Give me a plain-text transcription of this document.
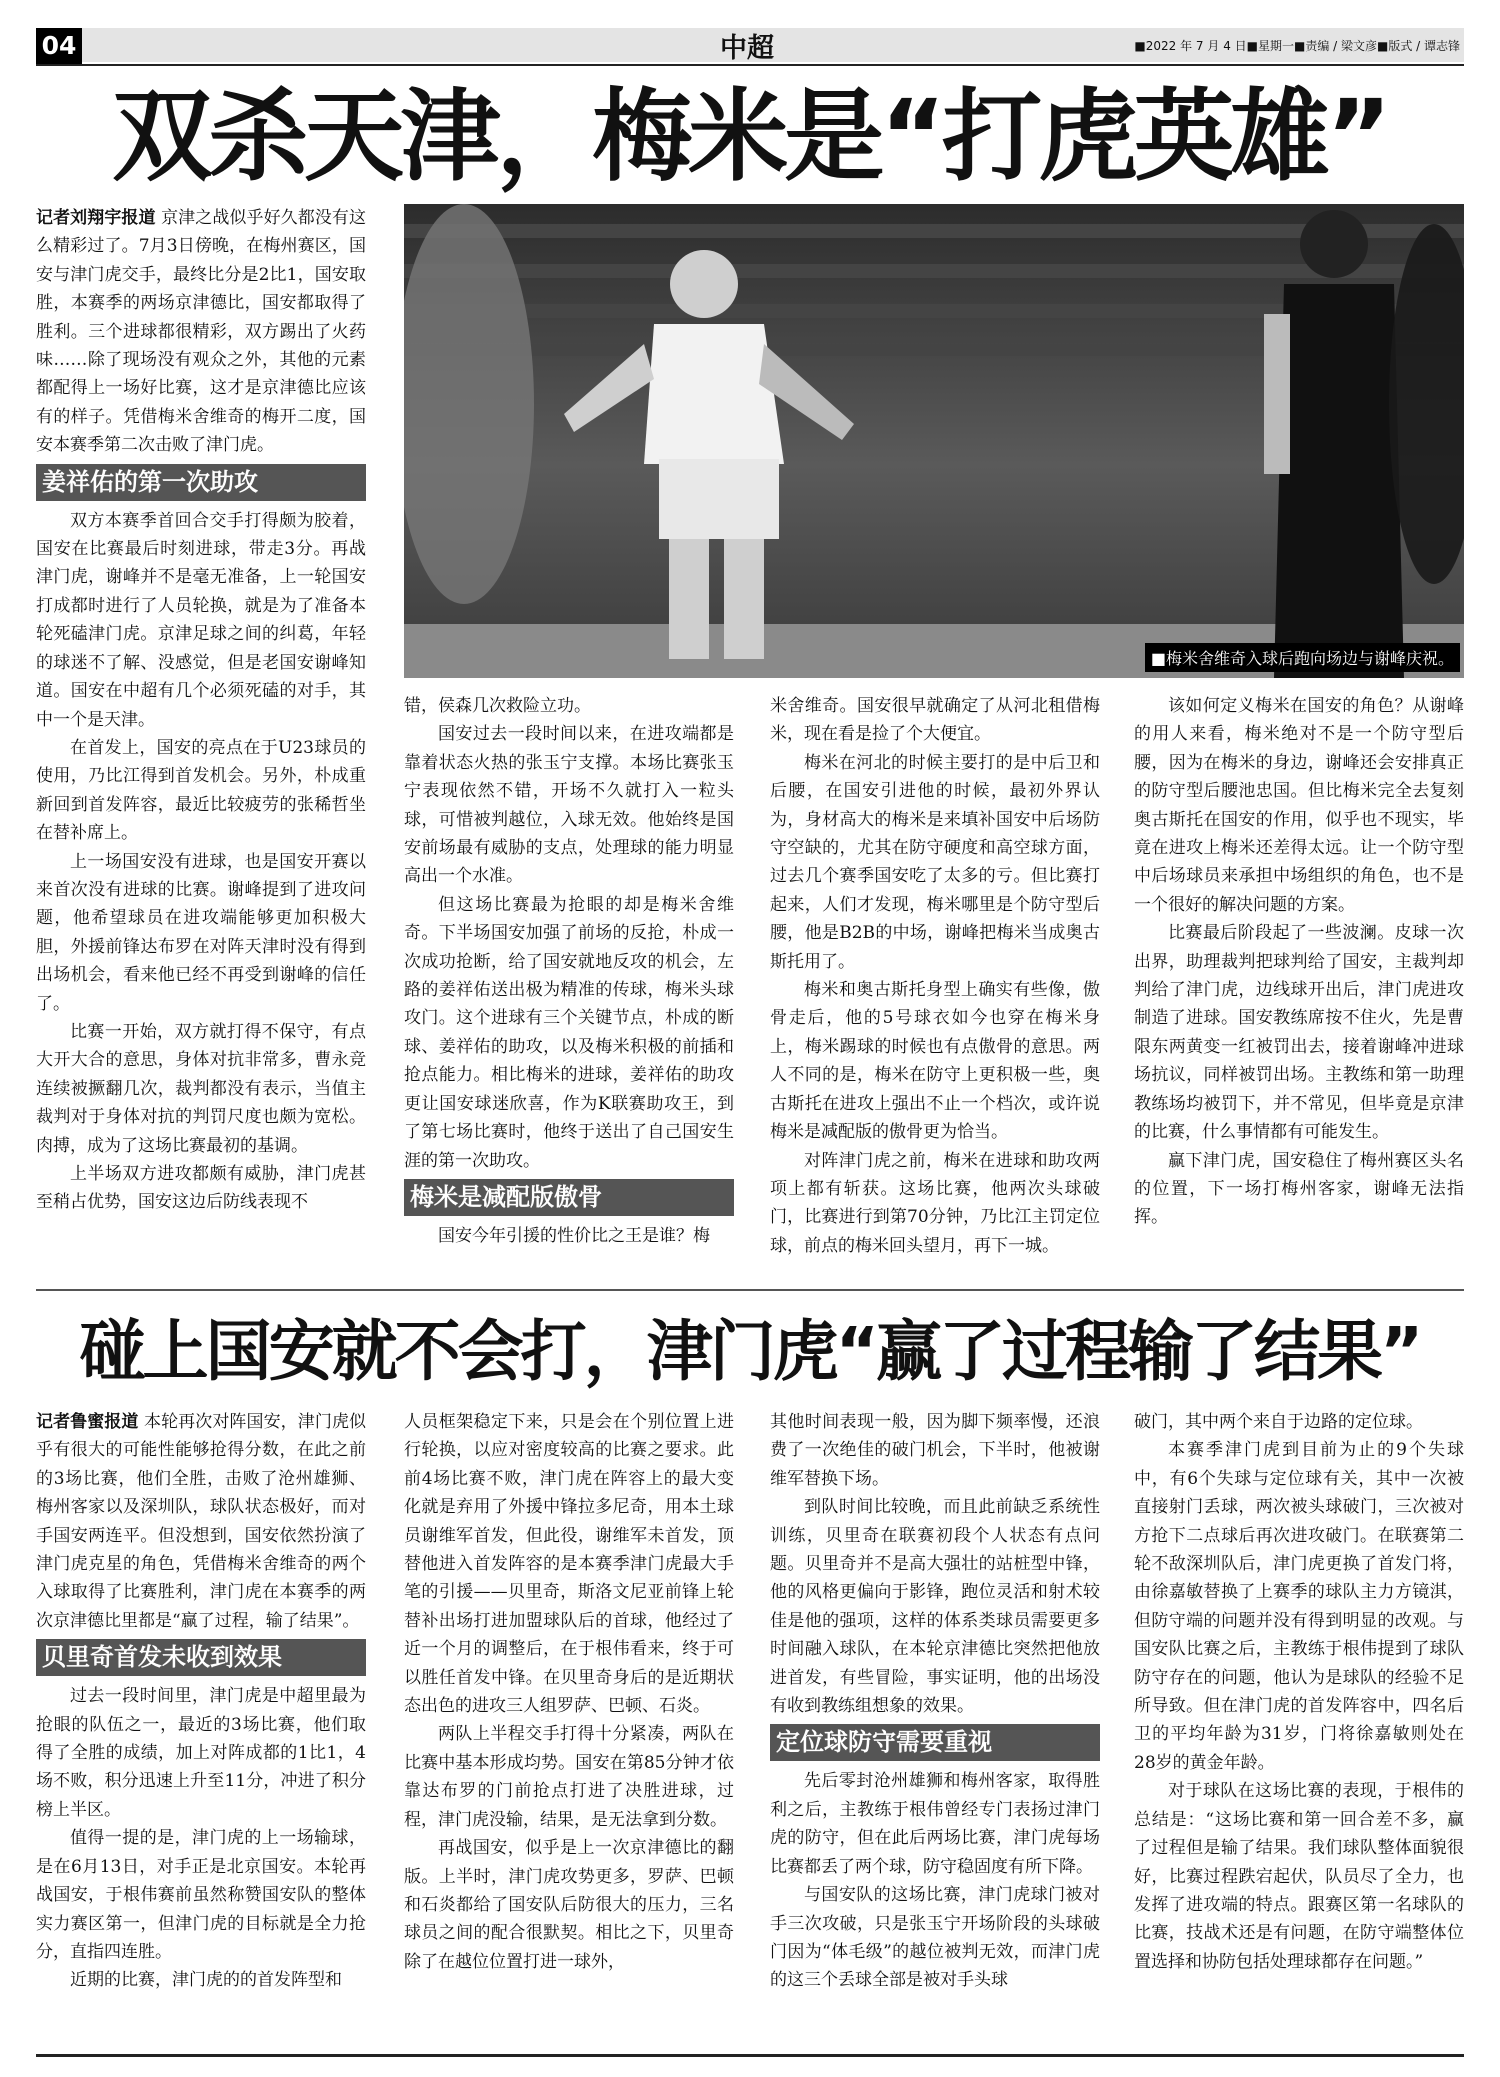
04	中超	■2022 年 7 月 4 日■星期一■责编 / 梁文彦■版式 / 谭志锋
双杀天津，梅米是“打虎英雄”
■梅米舍维奇入球后跑向场边与谢峰庆祝。

记者刘翔宇报道 京津之战似乎好久都没有这么精彩过了。7月3日傍晚，在梅州赛区，国安与津门虎交手，最终比分是2比1，国安取胜，本赛季的两场京津德比，国安都取得了胜利。三个进球都很精彩，双方踢出了火药味……除了现场没有观众之外，其他的元素都配得上一场好比赛，这才是京津德比应该有的样子。凭借梅米舍维奇的梅开二度，国安本赛季第二次击败了津门虎。

姜祥佑的第一次助攻

双方本赛季首回合交手打得颇为胶着，国安在比赛最后时刻进球，带走3分。再战津门虎，谢峰并不是毫无准备，上一轮国安打成都时进行了人员轮换，就是为了准备本轮死磕津门虎。京津足球之间的纠葛，年轻的球迷不了解、没感觉，但是老国安谢峰知道。国安在中超有几个必须死磕的对手，其中一个是天津。

在首发上，国安的亮点在于U23球员的使用，乃比江得到首发机会。另外，朴成重新回到首发阵容，最近比较疲劳的张稀哲坐在替补席上。

上一场国安没有进球，也是国安开赛以来首次没有进球的比赛。谢峰提到了进攻问题，他希望球员在进攻端能够更加积极大胆，外援前锋达布罗在对阵天津时没有得到出场机会，看来他已经不再受到谢峰的信任了。

比赛一开始，双方就打得不保守，有点大开大合的意思，身体对抗非常多，曹永竞连续被撅翻几次，裁判都没有表示，当值主裁判对于身体对抗的判罚尺度也颇为宽松。肉搏，成为了这场比赛最初的基调。

上半场双方进攻都颇有威胁，津门虎甚至稍占优势，国安这边后防线表现不

错，侯森几次救险立功。

国安过去一段时间以来，在进攻端都是靠着状态火热的张玉宁支撑。本场比赛张玉宁表现依然不错，开场不久就打入一粒头球，可惜被判越位，入球无效。他始终是国安前场最有威胁的支点，处理球的能力明显高出一个水准。

但这场比赛最为抢眼的却是梅米舍维奇。下半场国安加强了前场的反抢，朴成一次成功抢断，给了国安就地反攻的机会，左路的姜祥佑送出极为精准的传球，梅米头球攻门。这个进球有三个关键节点，朴成的断球、姜祥佑的助攻，以及梅米积极的前插和抢点能力。相比梅米的进球，姜祥佑的助攻更让国安球迷欣喜，作为K联赛助攻王，到了第七场比赛时，他终于送出了自己国安生涯的第一次助攻。

梅米是减配版傲骨

国安今年引援的性价比之王是谁？梅

米舍维奇。国安很早就确定了从河北租借梅米，现在看是捡了个大便宜。

梅米在河北的时候主要打的是中后卫和后腰，在国安引进他的时候，最初外界认为，身材高大的梅米是来填补国安中后场防守空缺的，尤其在防守硬度和高空球方面，过去几个赛季国安吃了太多的亏。但比赛打起来，人们才发现，梅米哪里是个防守型后腰，他是B2B的中场，谢峰把梅米当成奥古斯托用了。

梅米和奥古斯托身型上确实有些像，傲骨走后，他的5号球衣如今也穿在梅米身上，梅米踢球的时候也有点傲骨的意思。两人不同的是，梅米在防守上更积极一些，奥古斯托在进攻上强出不止一个档次，或许说梅米是减配版的傲骨更为恰当。

对阵津门虎之前，梅米在进球和助攻两项上都有斩获。这场比赛，他两次头球破门，比赛进行到第70分钟，乃比江主罚定位球，前点的梅米回头望月，再下一城。

该如何定义梅米在国安的角色？从谢峰的用人来看，梅米绝对不是一个防守型后腰，因为在梅米的身边，谢峰还会安排真正的防守型后腰池忠国。但比梅米完全去复刻奥古斯托在国安的作用，似乎也不现实，毕竟在进攻上梅米还差得太远。让一个防守型中后场球员来承担中场组织的角色，也不是一个很好的解决问题的方案。

比赛最后阶段起了一些波澜。皮球一次出界，助理裁判把球判给了国安，主裁判却判给了津门虎，边线球开出后，津门虎进攻制造了进球。国安教练席按不住火，先是曹限东两黄变一红被罚出去，接着谢峰冲进球场抗议，同样被罚出场。主教练和第一助理教练场均被罚下，并不常见，但毕竟是京津的比赛，什么事情都有可能发生。

赢下津门虎，国安稳住了梅州赛区头名的位置，下一场打梅州客家，谢峰无法指挥。

碰上国安就不会打，津门虎“赢了过程输了结果”

记者鲁蜜报道 本轮再次对阵国安，津门虎似乎有很大的可能性能够抢得分数，在此之前的3场比赛，他们全胜，击败了沧州雄狮、梅州客家以及深圳队，球队状态极好，而对手国安两连平。但没想到，国安依然扮演了津门虎克星的角色，凭借梅米舍维奇的两个入球取得了比赛胜利，津门虎在本赛季的两次京津德比里都是“赢了过程，输了结果”。

贝里奇首发未收到效果

过去一段时间里，津门虎是中超里最为抢眼的队伍之一，最近的3场比赛，他们取得了全胜的成绩，加上对阵成都的1比1，4场不败，积分迅速上升至11分，冲进了积分榜上半区。

值得一提的是，津门虎的上一场输球，是在6月13日，对手正是北京国安。本轮再战国安，于根伟赛前虽然称赞国安队的整体实力赛区第一，但津门虎的目标就是全力抢分，直指四连胜。

近期的比赛，津门虎的的首发阵型和

人员框架稳定下来，只是会在个别位置上进行轮换，以应对密度较高的比赛之要求。此前4场比赛不败，津门虎在阵容上的最大变化就是弃用了外援中锋拉多尼奇，用本土球员谢维军首发，但此役，谢维军未首发，顶替他进入首发阵容的是本赛季津门虎最大手笔的引援——贝里奇，斯洛文尼亚前锋上轮替补出场打进加盟球队后的首球，他经过了近一个月的调整后，在于根伟看来，终于可以胜任首发中锋。在贝里奇身后的是近期状态出色的进攻三人组罗萨、巴顿、石炎。

两队上半程交手打得十分紧凑，两队在比赛中基本形成均势。国安在第85分钟才依靠达布罗的门前抢点打进了决胜进球，过程，津门虎没输，结果，是无法拿到分数。

再战国安，似乎是上一次京津德比的翻版。上半时，津门虎攻势更多，罗萨、巴顿和石炎都给了国安队后防很大的压力，三名球员之间的配合很默契。相比之下，贝里奇除了在越位位置打进一球外，

其他时间表现一般，因为脚下频率慢，还浪费了一次绝佳的破门机会，下半时，他被谢维军替换下场。

到队时间比较晚，而且此前缺乏系统性训练，贝里奇在联赛初段个人状态有点问题。贝里奇并不是高大强壮的站桩型中锋，他的风格更偏向于影锋，跑位灵活和射术较佳是他的强项，这样的体系类球员需要更多时间融入球队，在本轮京津德比突然把他放进首发，有些冒险，事实证明，他的出场没有收到教练组想象的效果。

定位球防守需要重视

先后零封沧州雄狮和梅州客家，取得胜利之后，主教练于根伟曾经专门表扬过津门虎的防守，但在此后两场比赛，津门虎每场比赛都丢了两个球，防守稳固度有所下降。

与国安队的这场比赛，津门虎球门被对手三次攻破，只是张玉宁开场阶段的头球破门因为“体毛级”的越位被判无效，而津门虎的这三个丢球全部是被对手头球

破门，其中两个来自于边路的定位球。

本赛季津门虎到目前为止的9个失球中，有6个失球与定位球有关，其中一次被直接射门丢球，两次被头球破门，三次被对方抢下二点球后再次进攻破门。在联赛第二轮不敌深圳队后，津门虎更换了首发门将，由徐嘉敏替换了上赛季的球队主力方镜淇，但防守端的问题并没有得到明显的改观。与国安队比赛之后，主教练于根伟提到了球队防守存在的问题，他认为是球队的经验不足所导致。但在津门虎的首发阵容中，四名后卫的平均年龄为31岁，门将徐嘉敏则处在28岁的黄金年龄。

对于球队在这场比赛的表现，于根伟的总结是：“这场比赛和第一回合差不多，赢了过程但是输了结果。我们球队整体面貌很好，比赛过程跌宕起伏，队员尽了全力，也发挥了进攻端的特点。跟赛区第一名球队的比赛，技战术还是有问题，在防守端整体位置选择和协防包括处理球都存在问题。”
